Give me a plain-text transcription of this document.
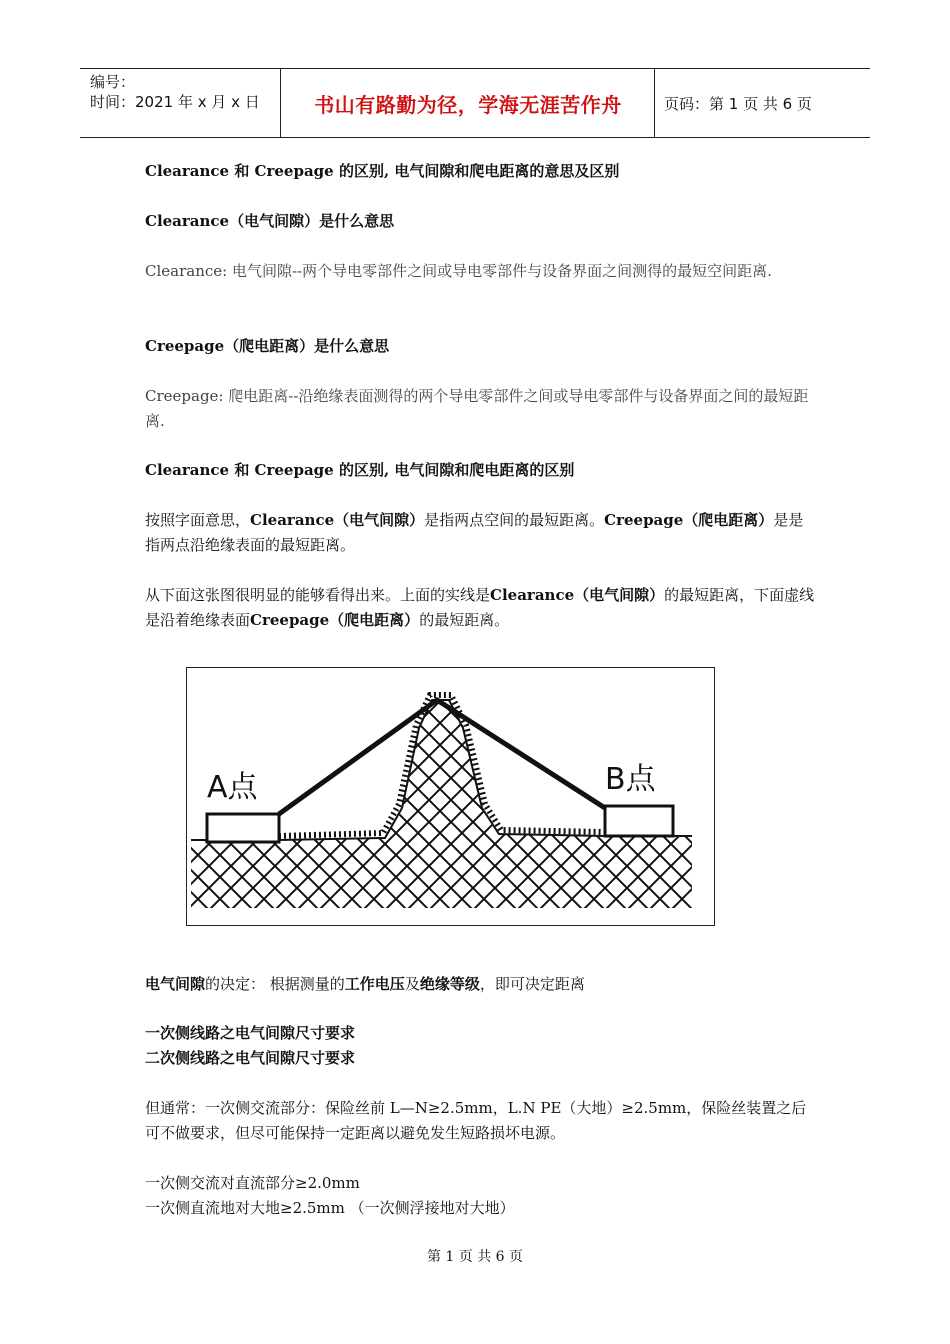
编号：
时间：2021 年 x 月 x 日	书山有路勤为径，学海无涯苦作舟	页码：第 1 页 共 6 页
Clearance 和 Creepage 的区别, 电气间隙和爬电距离的意思及区别
Clearance（电气间隙）是什么意思
Clearance: 电气间隙--两个导电零部件之间或导电零部件与设备界面之间测得的最短空间距离.
Creepage（爬电距离）是什么意思
Creepage: 爬电距离--沿绝缘表面测得的两个导电零部件之间或导电零部件与设备界面之间的最短距离.
Clearance 和 Creepage 的区别, 电气间隙和爬电距离的区别
按照字面意思，Clearance（电气间隙）是指两点空间的最短距离。Creepage（爬电距离）是是指两点沿绝缘表面的最短距离。
从下面这张图很明显的能够看得出来。上面的实线是Clearance（电气间隙）的最短距离，下面虚线是沿着绝缘表面Creepage（爬电距离）的最短距离。
A点	B点
电气间隙的决定： 根据测量的工作电压及绝缘等级，即可决定距离
一次侧线路之电气间隙尺寸要求
二次侧线路之电气间隙尺寸要求
但通常：一次侧交流部分：保险丝前 L—N≥2.5mm，L.N PE（大地）≥2.5mm，保险丝装置之后可不做要求，但尽可能保持一定距离以避免发生短路损坏电源。
一次侧交流对直流部分≥2.0mm
一次侧直流地对大地≥2.5mm （一次侧浮接地对大地）
第 1 页 共 6 页
